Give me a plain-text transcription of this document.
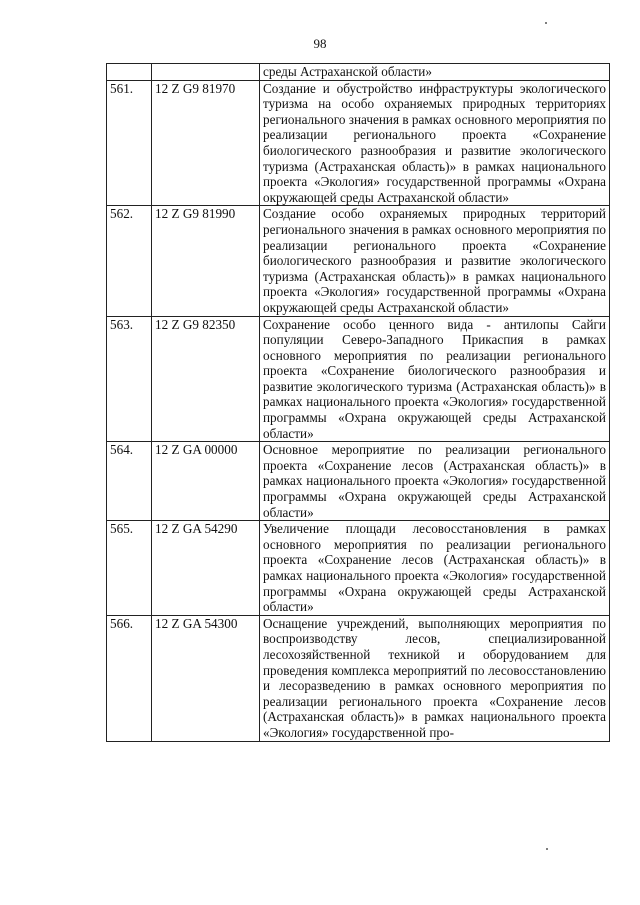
98
		среды Астраханской области»
561.	12 Z G9 81970	Создание и обустройство инфраструктуры экологического туризма на особо охраняемых природных территориях регионального значения в рамках основного мероприятия по реализации регионального проекта «Сохранение биологического разнообразия и развитие экологического туризма (Астраханская область)» в рамках национального проекта «Экология» государственной программы «Охрана окружающей среды Астраханской области»
562.	12 Z G9 81990	Создание особо охраняемых природных территорий регионального значения в рамках основного мероприятия по реализации регионального проекта «Сохранение биологического разнообразия и развитие экологического туризма (Астраханская область)» в рамках национального проекта «Экология» государственной программы «Охрана окружающей среды Астраханской области»
563.	12 Z G9 82350	Сохранение особо ценного вида - антилопы Сайги популяции Северо-Западного Прикаспия в рамках основного мероприятия по реализации регионального проекта «Сохранение биологического разнообразия и развитие экологического туризма (Астраханская область)» в рамках национального проекта «Экология» государственной программы «Охрана окружающей среды Астраханской области»
564.	12 Z GA 00000	Основное мероприятие по реализации регионального проекта «Сохранение лесов (Астраханская область)» в рамках национального проекта «Экология» государственной программы «Охрана окружающей среды Астраханской области»
565.	12 Z GA 54290	Увеличение площади лесовосстановления в рамках основного мероприятия по реализации регионального проекта «Сохранение лесов (Астраханская область)» в рамках национального проекта «Экология» государственной программы «Охрана окружающей среды Астраханской области»
566.	12 Z GA 54300	Оснащение учреждений, выполняющих мероприятия по воспроизводству лесов, специализированной лесохозяйственной техникой и оборудованием для проведения комплекса мероприятий по лесовосстановлению и лесоразведению в рамках основного мероприятия по реализации регионального проекта «Сохранение лесов (Астраханская область)» в рамках национального проекта «Экология» государственной про-
